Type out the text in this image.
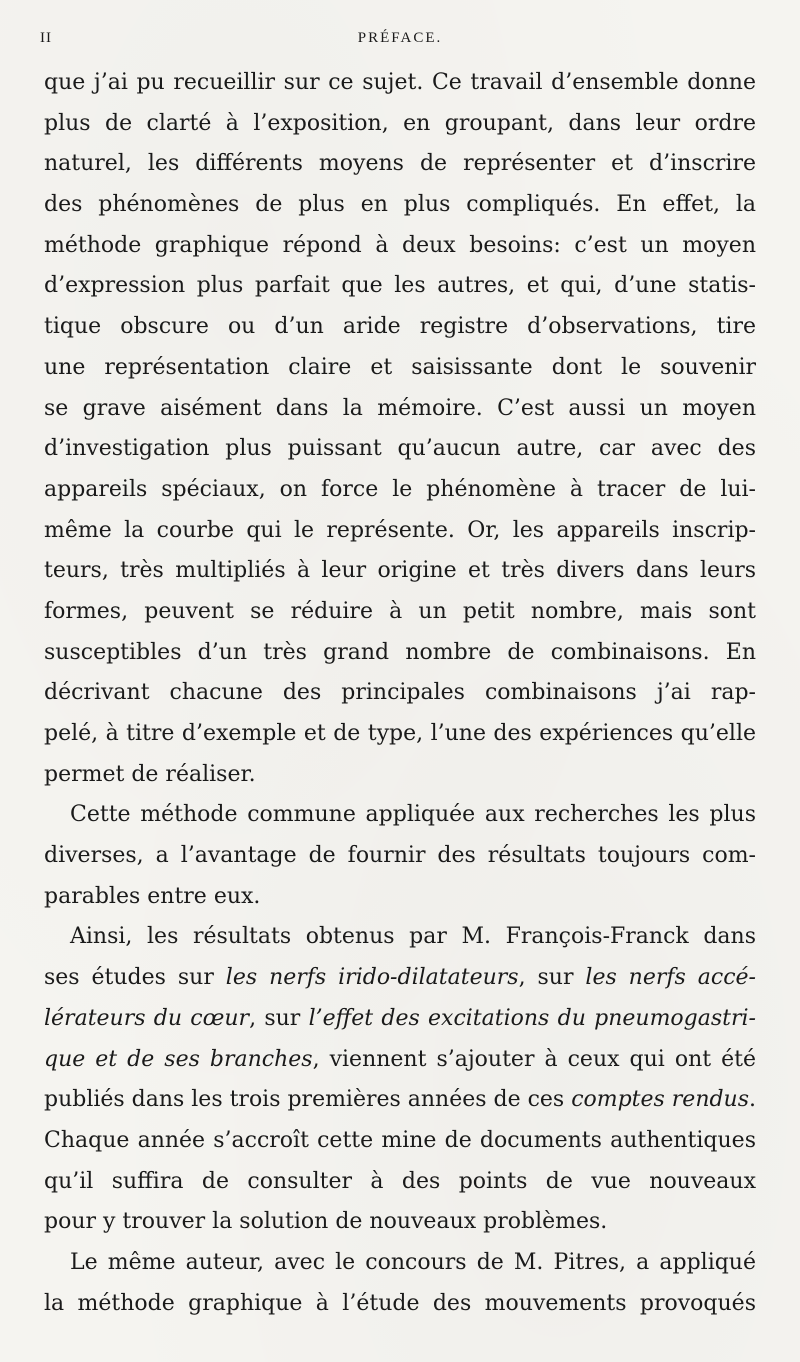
II	PRÉFACE.
que j’ai pu recueillir sur ce sujet. Ce travail d’ensemble donne
plus de clarté à l’exposition, en groupant, dans leur ordre
naturel, les différents moyens de représenter et d’inscrire
des phénomènes de plus en plus compliqués. En effet, la
méthode graphique répond à deux besoins: c’est un moyen
d’expression plus parfait que les autres, et qui, d’une statis-
tique obscure ou d’un aride registre d’observations, tire
une représentation claire et saisissante dont le souvenir
se grave aisément dans la mémoire. C’est aussi un moyen
d’investigation plus puissant qu’aucun autre, car avec des
appareils spéciaux, on force le phénomène à tracer de lui-
même la courbe qui le représente. Or, les appareils inscrip-
teurs, très multipliés à leur origine et très divers dans leurs
formes, peuvent se réduire à un petit nombre, mais sont
susceptibles d’un très grand nombre de combinaisons. En
décrivant chacune des principales combinaisons j’ai rap-
pelé, à titre d’exemple et de type, l’une des expériences qu’elle
permet de réaliser.
Cette méthode commune appliquée aux recherches les plus
diverses, a l’avantage de fournir des résultats toujours com-
parables entre eux.
Ainsi, les résultats obtenus par M. François-Franck dans
ses études sur les nerfs irido-dilatateurs, sur les nerfs accé-
lérateurs du cœur, sur l’effet des excitations du pneumogastri-
que et de ses branches, viennent s’ajouter à ceux qui ont été
publiés dans les trois premières années de ces comptes rendus.
Chaque année s’accroît cette mine de documents authentiques
qu’il suffira de consulter à des points de vue nouveaux
pour y trouver la solution de nouveaux problèmes.
Le même auteur, avec le concours de M. Pitres, a appliqué
la méthode graphique à l’étude des mouvements provoqués
